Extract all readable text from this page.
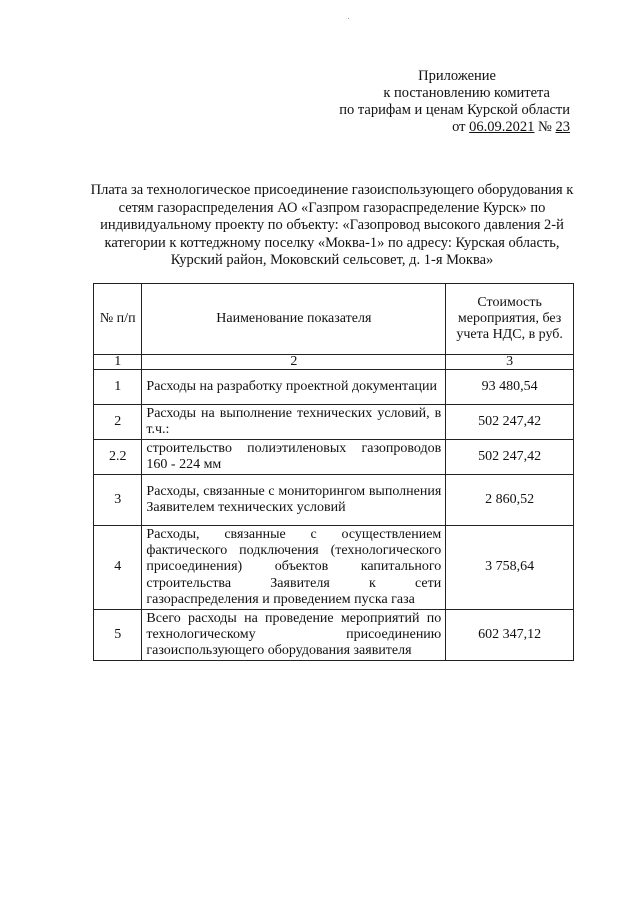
Приложение
к постановлению комитета
по тарифам и ценам Курской области
от 06.09.2021 № 23
Плата за технологическое присоединение газоиспользующего оборудования к сетям газораспределения АО «Газпром газораспределение Курск» по индивидуальному проекту по объекту: «Газопровод высокого давления 2-й категории к коттеджному поселку «Моква-1» по адресу: Курская область, Курский район, Моковский сельсовет, д. 1-я Моква»
№ п/п	Наименование показателя	Стоимость мероприятия, без учета НДС, в руб.
1	2	3
1	Расходы на разработку проектной документации	93 480,54
2	Расходы на выполнение технических условий, в т.ч.:	502 247,42
2.2	строительство полиэтиленовых газопроводов 160 - 224 мм	502 247,42
3	Расходы, связанные с мониторингом выполнения Заявителем технических условий	2 860,52
4	Расходы, связанные с осуществлением фактического подключения (технологического присоединения) объектов капитального строительства Заявителя к сети газораспределения и проведением пуска газа	3 758,64
5	Всего расходы на проведение мероприятий по технологическому присоединению газоиспользующего оборудования заявителя	602 347,12
